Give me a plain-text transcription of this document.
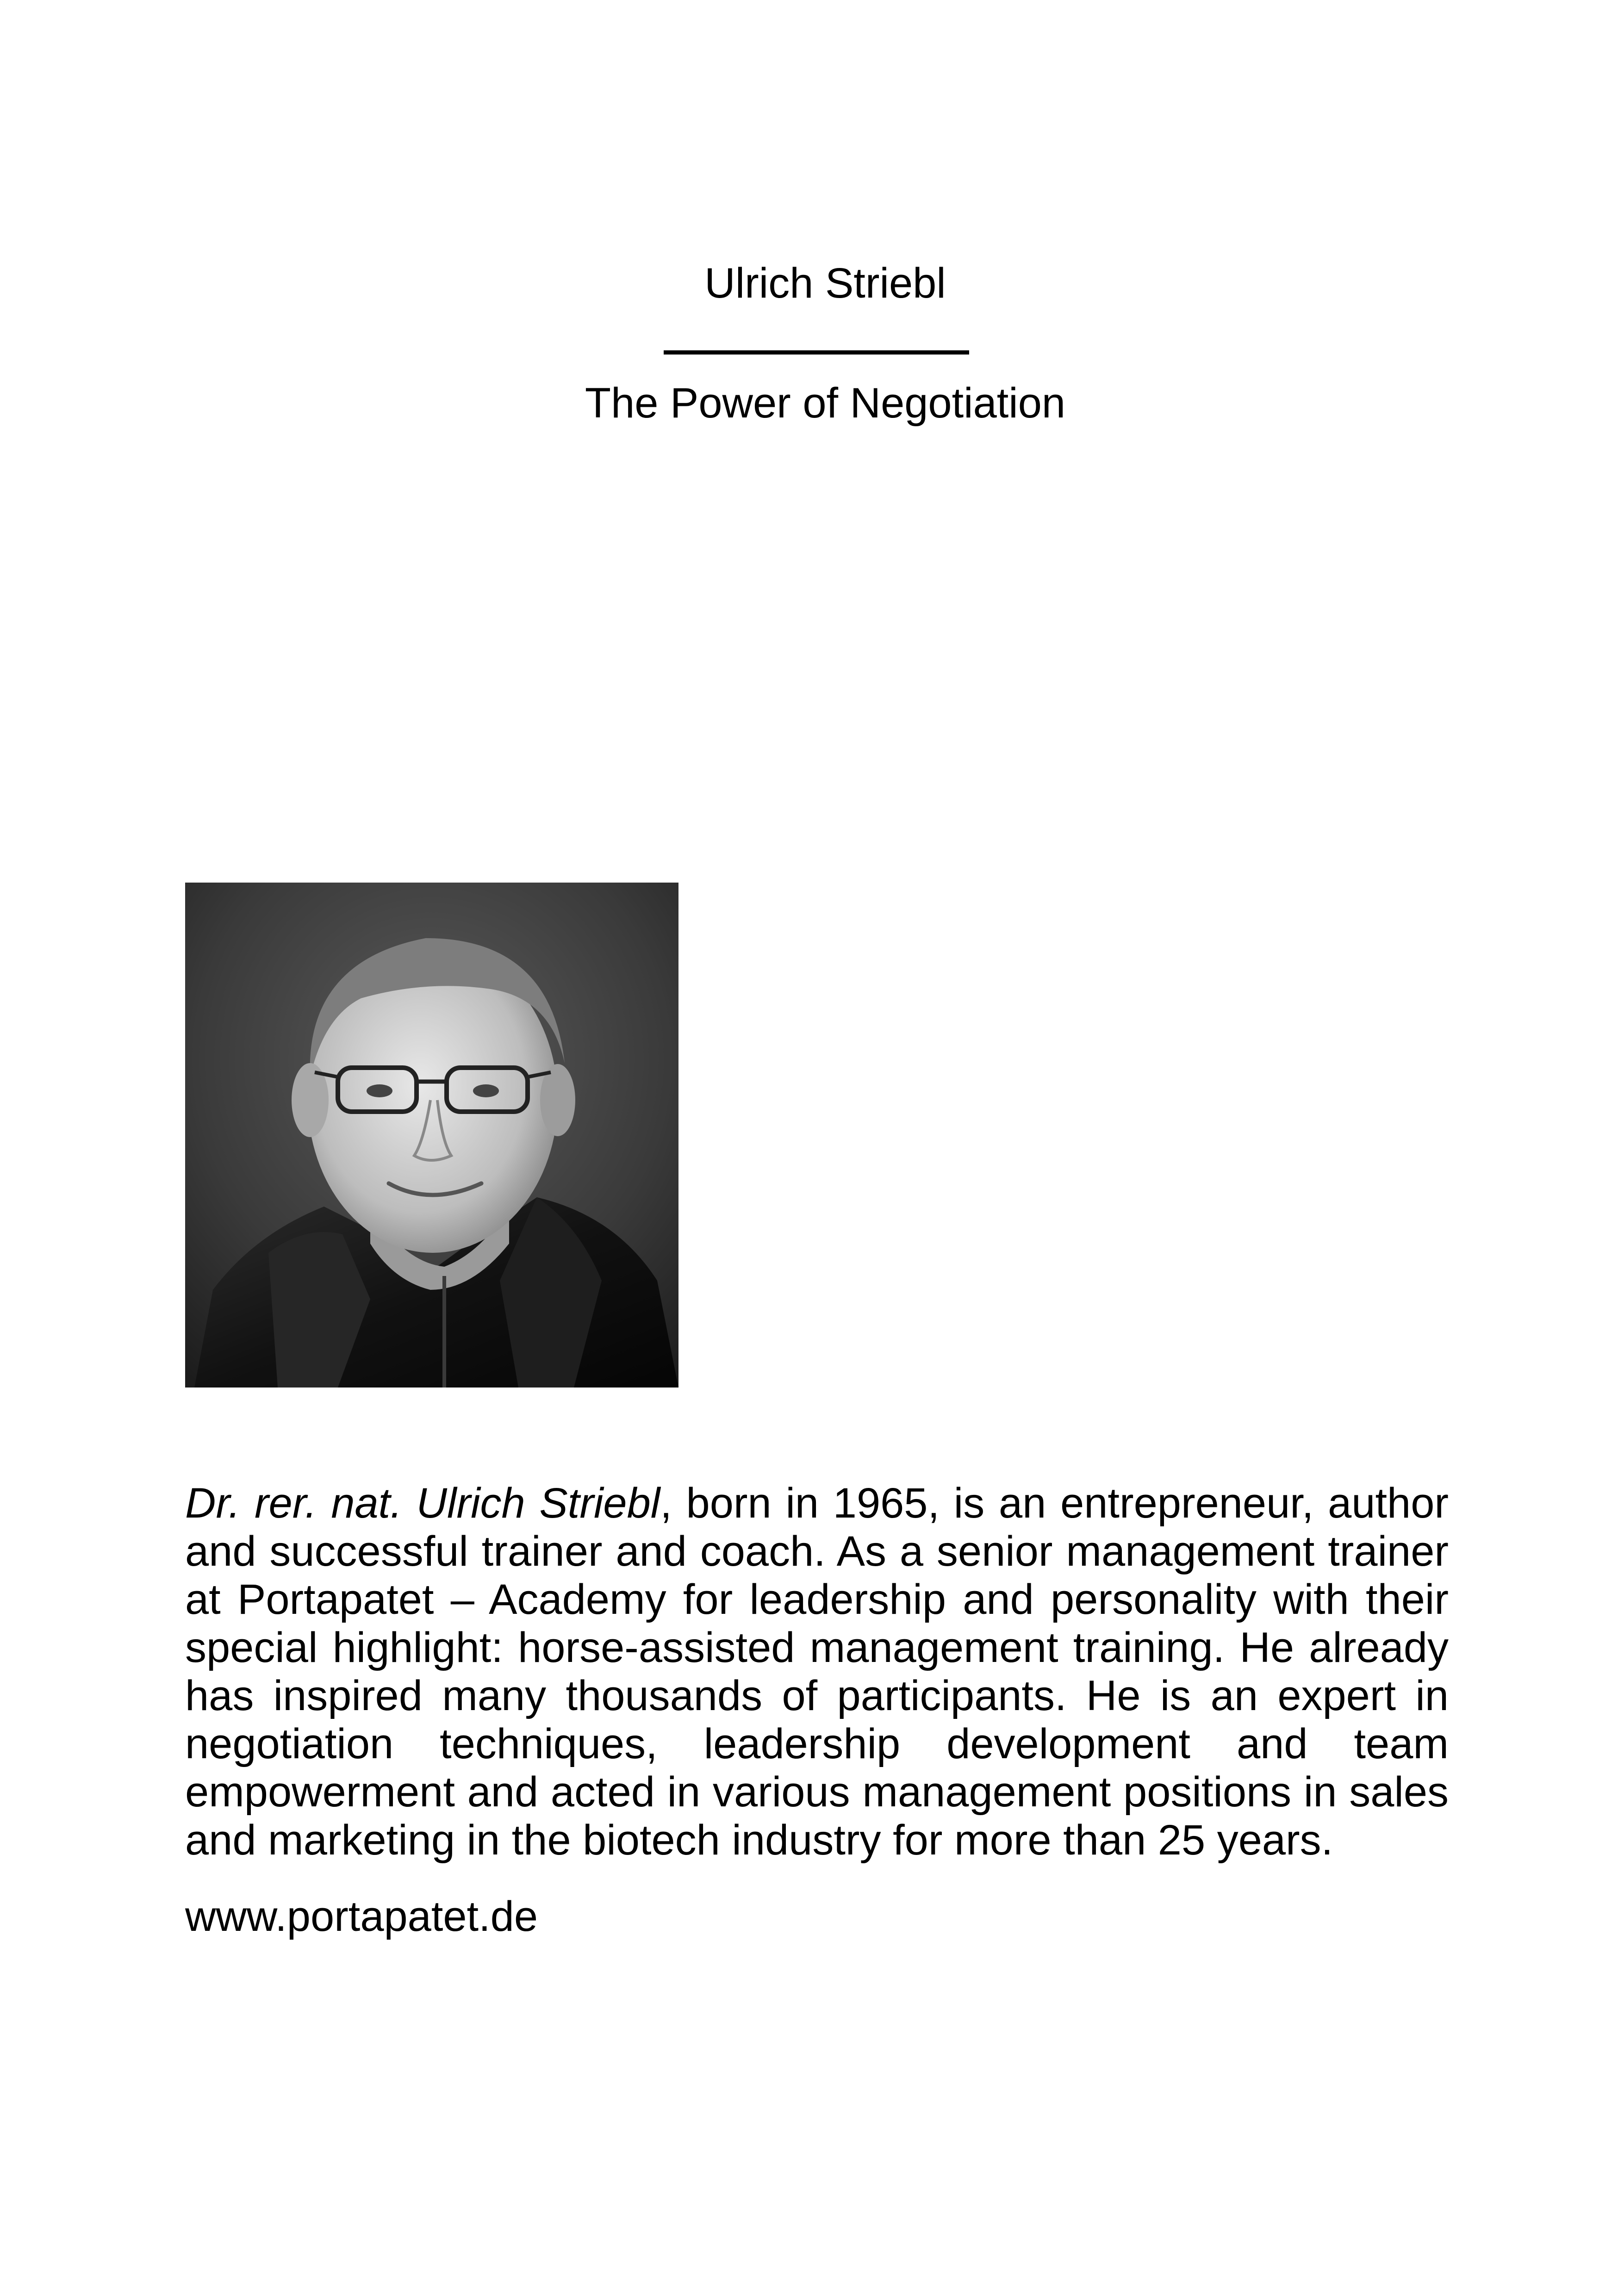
Ulrich Striebl
The Power of Negotiation

Dr. rer. nat. Ulrich Striebl, born in 1965, is an entrepreneur, author and successful trainer and coach. As a senior management trainer at Portapatet – Academy for leadership and personality with their special highlight: horse-assisted management training. He already has inspired many thousands of participants. He is an expert in negotiation techniques, leadership development and team empowerment and acted in various management positions in sales and marketing in the biotech industry for more than 25 years.

www.portapatet.de
